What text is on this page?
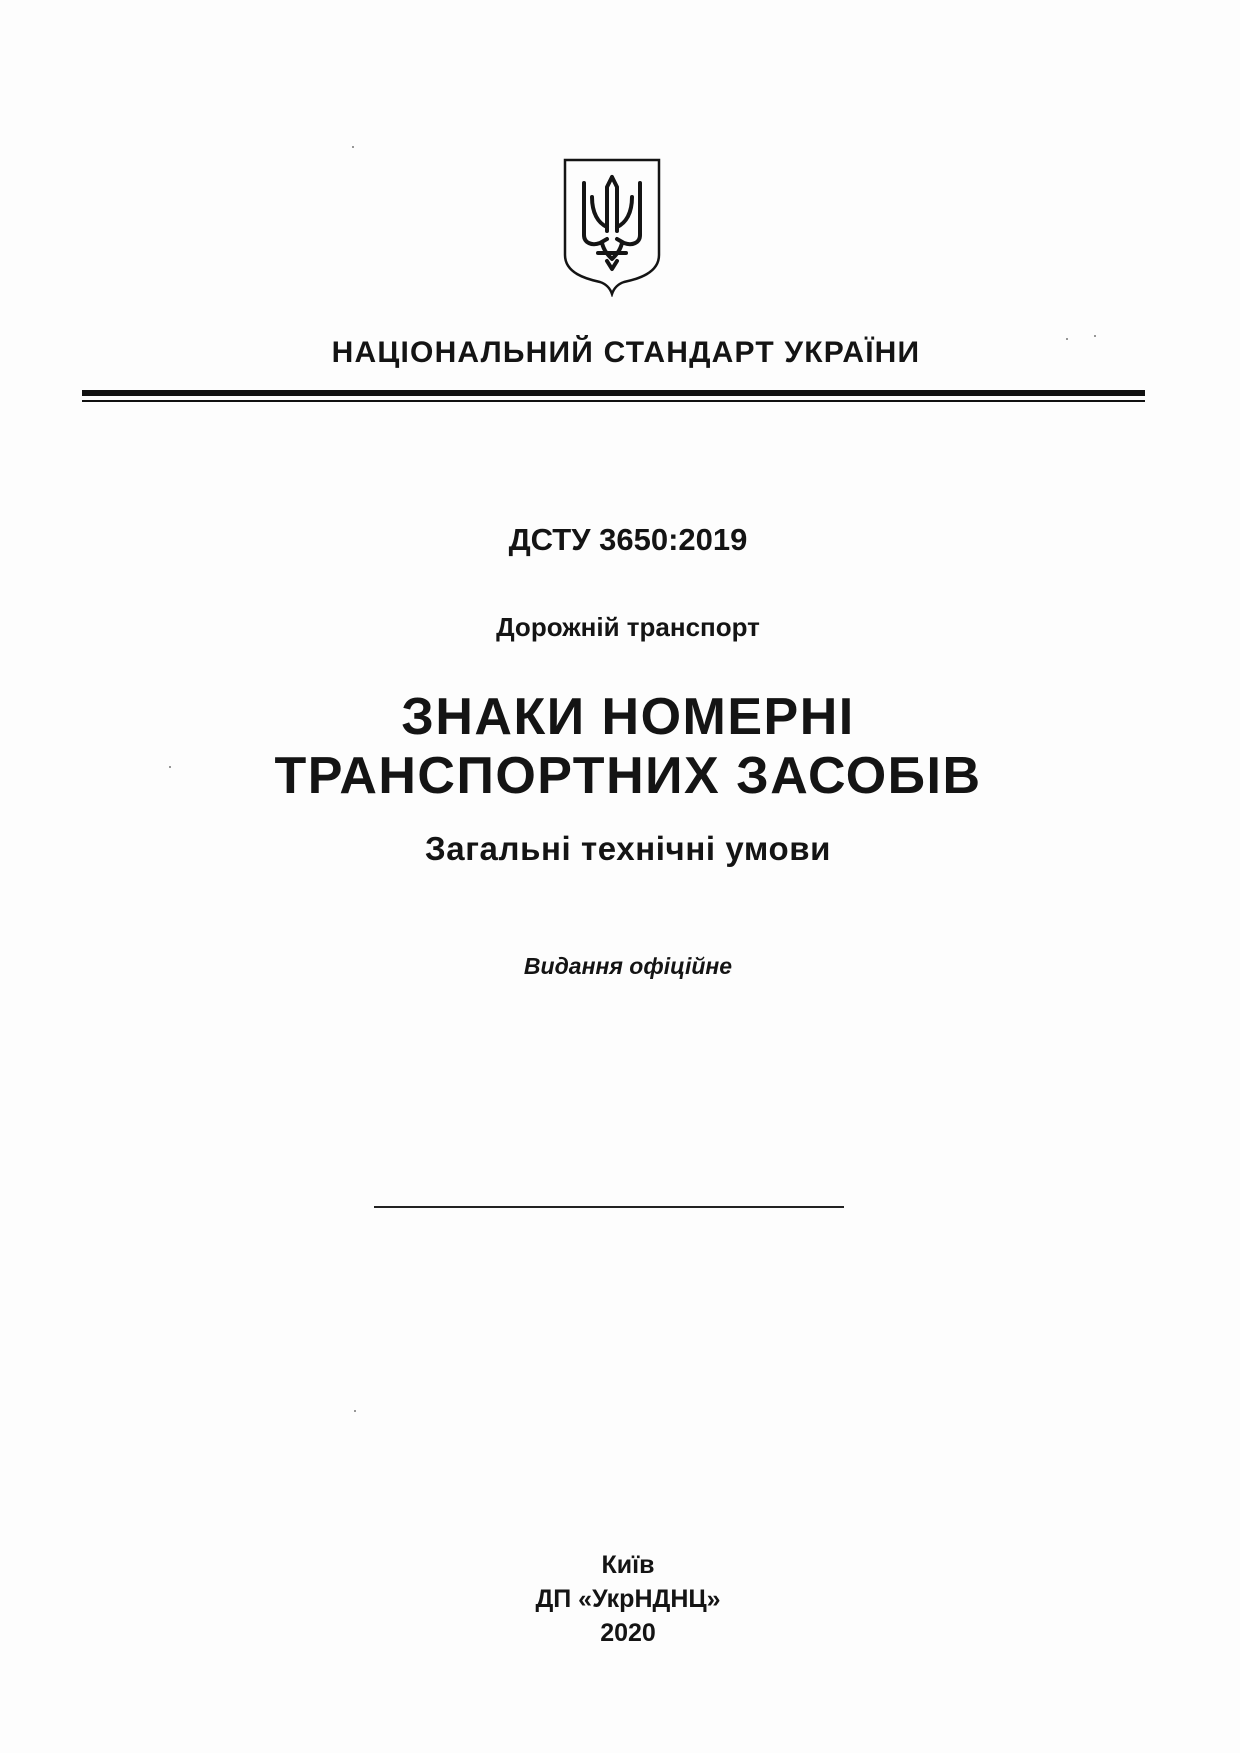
НАЦІОНАЛЬНИЙ СТАНДАРТ УКРАЇНИ
ДСТУ 3650:2019
Дорожній транспорт
ЗНАКИ НОМЕРНІ
ТРАНСПОРТНИХ ЗАСОБІВ
Загальні технічні умови
Видання офіційне
Київ
ДП «УкрНДНЦ»
2020
